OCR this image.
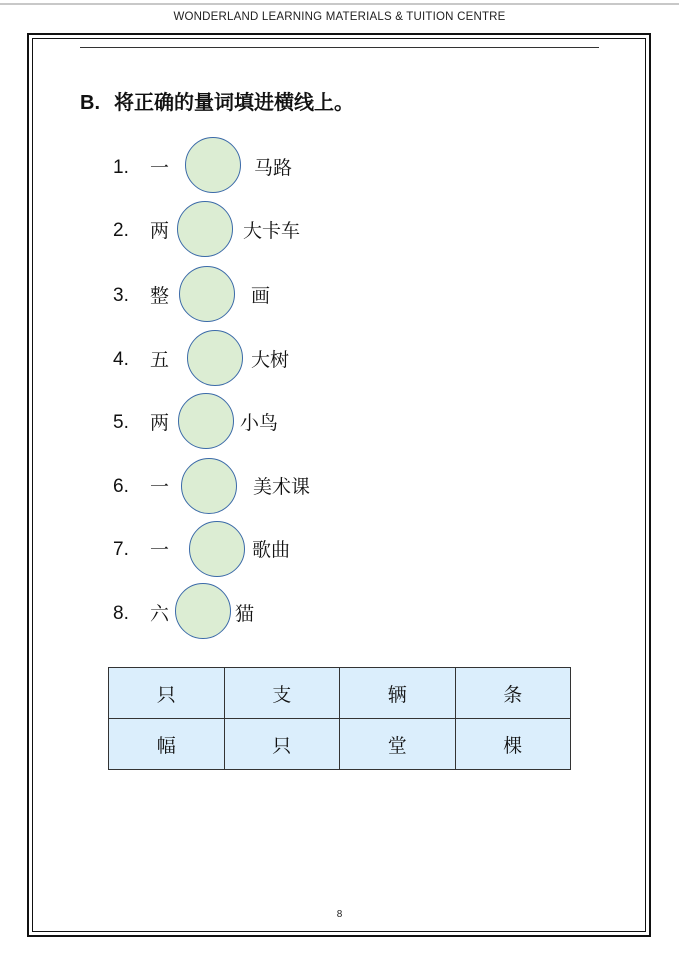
WONDERLAND LEARNING MATERIALS & TUITION CENTRE
B. 将正确的量词填进横线上。
1. 一	马路
2. 两	大卡车
3. 整	画
4. 五	大树
5. 两	小鸟
6. 一	美术课
7. 一	歌曲
8. 六	猫
只	支	辆	条
幅	只	堂	棵
8
